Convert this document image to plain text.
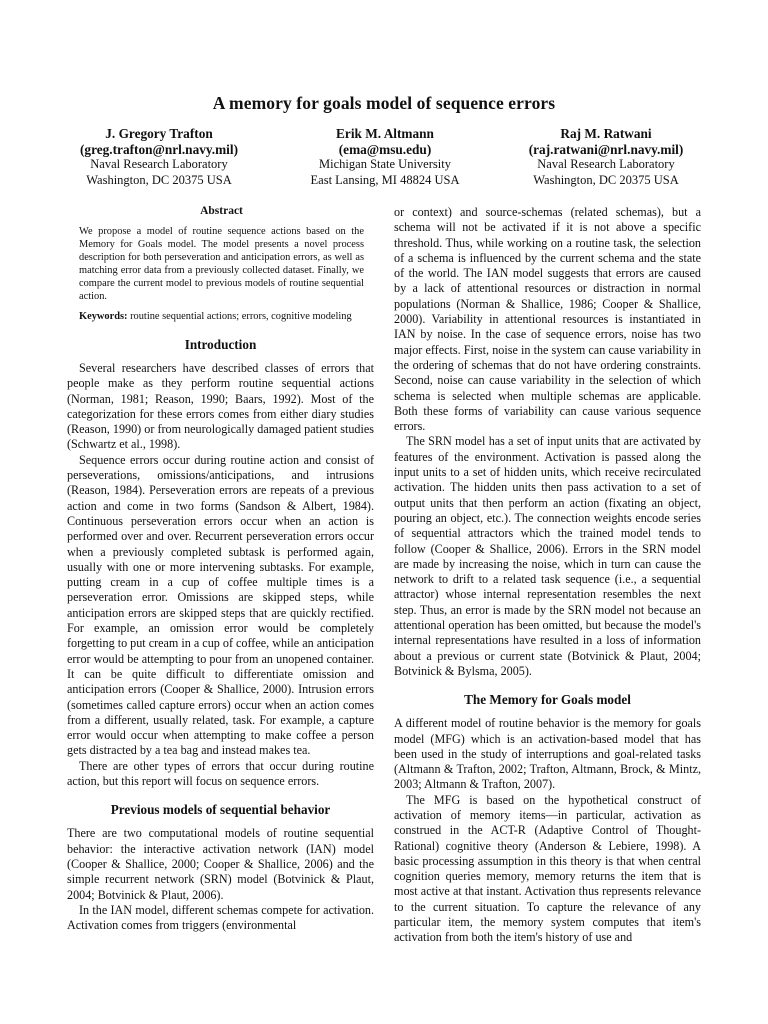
A memory for goals model of sequence errors
J. Gregory Trafton
(greg.trafton@nrl.navy.mil)
Naval Research Laboratory
Washington, DC 20375 USA
Erik M. Altmann
(ema@msu.edu)
Michigan State University
East Lansing, MI 48824 USA
Raj M. Ratwani
(raj.ratwani@nrl.navy.mil)
Naval Research Laboratory
Washington, DC 20375 USA
Abstract
We propose a model of routine sequence actions based on the Memory for Goals model. The model presents a novel process description for both perseveration and anticipation errors, as well as matching error data from a previously collected dataset. Finally, we compare the current model to previous models of routine sequential action.
Keywords: routine sequential actions; errors, cognitive modeling
Introduction

Several researchers have described classes of errors that people make as they perform routine sequential actions (Norman, 1981; Reason, 1990; Baars, 1992). Most of the categorization for these errors comes from either diary studies (Reason, 1990) or from neurologically damaged patient studies (Schwartz et al., 1998).

Sequence errors occur during routine action and consist of perseverations, omissions/anticipations, and intrusions (Reason, 1984). Perseveration errors are repeats of a previous action and come in two forms (Sandson & Albert, 1984). Continuous perseveration errors occur when an action is performed over and over. Recurrent perseveration errors occur when a previously completed subtask is performed again, usually with one or more intervening subtasks. For example, putting cream in a cup of coffee multiple times is a perseveration error. Omissions are skipped steps, while anticipation errors are skipped steps that are quickly rectified. For example, an omission error would be completely forgetting to put cream in a cup of coffee, while an anticipation error would be attempting to pour from an unopened container. It can be quite difficult to differentiate omission and anticipation errors (Cooper & Shallice, 2000). Intrusion errors (sometimes called capture errors) occur when an action comes from a different, usually related, task. For example, a capture error would occur when attempting to make coffee a person gets distracted by a tea bag and instead makes tea.

There are other types of errors that occur during routine action, but this report will focus on sequence errors.

Previous models of sequential behavior

There are two computational models of routine sequential behavior: the interactive activation network (IAN) model (Cooper & Shallice, 2000; Cooper & Shallice, 2006) and the simple recurrent network (SRN) model (Botvinick & Plaut, 2004; Botvinick & Plaut, 2006).

In the IAN model, different schemas compete for activation. Activation comes from triggers (environmental

or context) and source-schemas (related schemas), but a schema will not be activated if it is not above a specific threshold. Thus, while working on a routine task, the selection of a schema is influenced by the current schema and the state of the world. The IAN model suggests that errors are caused by a lack of attentional resources or distraction in normal populations (Norman & Shallice, 1986; Cooper & Shallice, 2000). Variability in attentional resources is instantiated in IAN by noise. In the case of sequence errors, noise has two major effects. First, noise in the system can cause variability in the ordering of schemas that do not have ordering constraints. Second, noise can cause variability in the selection of which schema is selected when multiple schemas are applicable. Both these forms of variability can cause various sequence errors.

The SRN model has a set of input units that are activated by features of the environment. Activation is passed along the input units to a set of hidden units, which receive recirculated activation. The hidden units then pass activation to a set of output units that then perform an action (fixating an object, pouring an object, etc.). The connection weights encode series of sequential attractors which the trained model tends to follow (Cooper & Shallice, 2006). Errors in the SRN model are made by increasing the noise, which in turn can cause the network to drift to a related task sequence (i.e., a sequential attractor) whose internal representation resembles the next step. Thus, an error is made by the SRN model not because an attentional operation has been omitted, but because the model's internal representations have resulted in a loss of information about a previous or current state (Botvinick & Plaut, 2004; Botvinick & Bylsma, 2005).

The Memory for Goals model

A different model of routine behavior is the memory for goals model (MFG) which is an activation-based model that has been used in the study of interruptions and goal-related tasks (Altmann & Trafton, 2002; Trafton, Altmann, Brock, & Mintz, 2003; Altmann & Trafton, 2007).

The MFG is based on the hypothetical construct of activation of memory items—in particular, activation as construed in the ACT-R (Adaptive Control of Thought-Rational) cognitive theory (Anderson & Lebiere, 1998). A basic processing assumption in this theory is that when central cognition queries memory, memory returns the item that is most active at that instant. Activation thus represents relevance to the current situation. To capture the relevance of any particular item, the memory system computes that item's activation from both the item's history of use and
